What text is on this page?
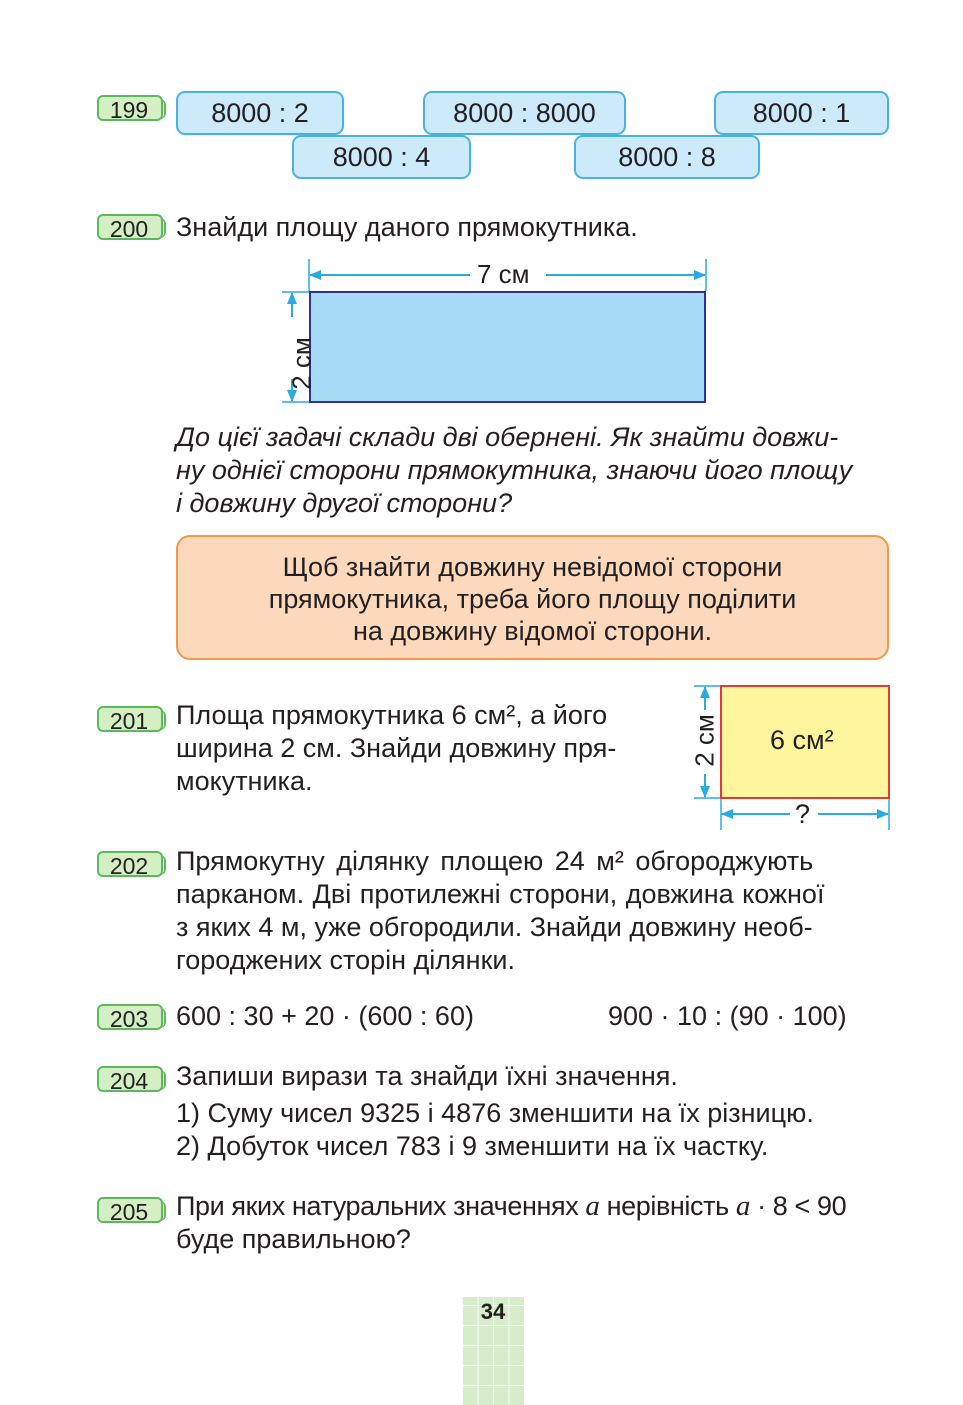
199	8000 : 2	8000 : 8000	8000 : 1
8000 : 4	8000 : 8
200	Знайди площу даного прямокутника.
7 см
2 см
До цієї задачі склади дві обернені. Як знайти довжи-
ну однієї сторони прямокутника, знаючи його площу
і довжину другої сторони?
Щоб знайти довжину невідомої сторони
прямокутника, треба його площу поділити
на довжину відомої сторони.
201	Площа прямокутника 6 см², а його
ширина 2 см. Знайди довжину пря-
мокутника.
6 см²
2 см
?
202	Прямокутну ділянку площею 24 м² обгороджують
парканом. Дві протилежні сторони, довжина кожної
з яких 4 м, уже обгородили. Знайди довжину необ-
городжених сторін ділянки.
203	600 : 30 + 20 · (600 : 60)	900 · 10 : (90 · 100)
204	Запиши вирази та знайди їхні значення.
1) Суму чисел 9325 і 4876 зменшити на їх різницю.
2) Добуток чисел 783 і 9 зменшити на їх частку.
205	При яких натуральних значеннях a нерівність a · 8 < 90
буде правильною?
34
